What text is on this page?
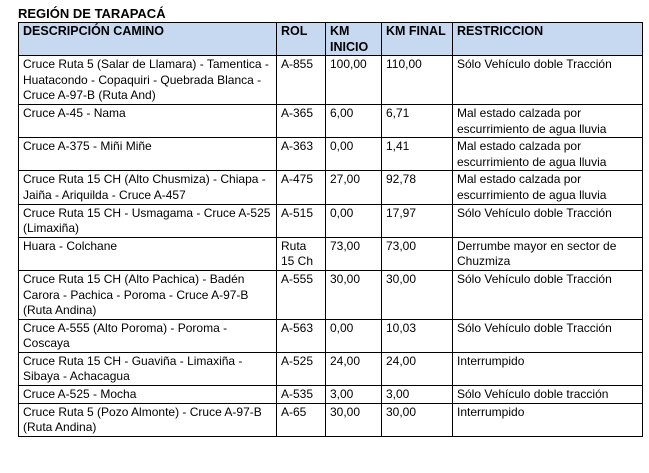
REGIÓN DE TARAPACÁ
DESCRIPCIÓN CAMINO	ROL	KM INICIO	KM FINAL	RESTRICCION
Cruce Ruta 5 (Salar de Llamara) - Tamentica - Huatacondo - Copaquiri - Quebrada Blanca - Cruce A-97-B (Ruta And)	A-855	100,00	110,00	Sólo Vehículo doble Tracción
Cruce A-45 - Nama	A-365	6,00	6,71	Mal estado calzada por escurrimiento de agua lluvia
Cruce A-375 - Miñi Miñe	A-363	0,00	1,41	Mal estado calzada por escurrimiento de agua lluvia
Cruce Ruta 15 CH (Alto Chusmiza) - Chiapa - Jaiña - Ariquilda - Cruce A-457	A-475	27,00	92,78	Mal estado calzada por escurrimiento de agua lluvia
Cruce Ruta 15 CH - Usmagama - Cruce A-525 (Limaxiña)	A-515	0,00	17,97	Sólo Vehículo doble Tracción
Huara - Colchane	Ruta 15 Ch	73,00	73,00	Derrumbe mayor en sector de Chuzmiza
Cruce Ruta 15 CH (Alto Pachica) - Badén Carora - Pachica - Poroma - Cruce A-97-B (Ruta Andina)	A-555	30,00	30,00	Sólo Vehículo doble Tracción
Cruce A-555 (Alto Poroma) - Poroma - Coscaya	A-563	0,00	10,03	Sólo Vehículo doble Tracción
Cruce Ruta 15 CH - Guaviña - Limaxiña - Sibaya - Achacagua	A-525	24,00	24,00	Interrumpido
Cruce A-525 - Mocha	A-535	3,00	3,00	Sólo Vehículo doble tracción
Cruce Ruta 5 (Pozo Almonte) - Cruce A-97-B (Ruta Andina)	A-65	30,00	30,00	Interrumpido
